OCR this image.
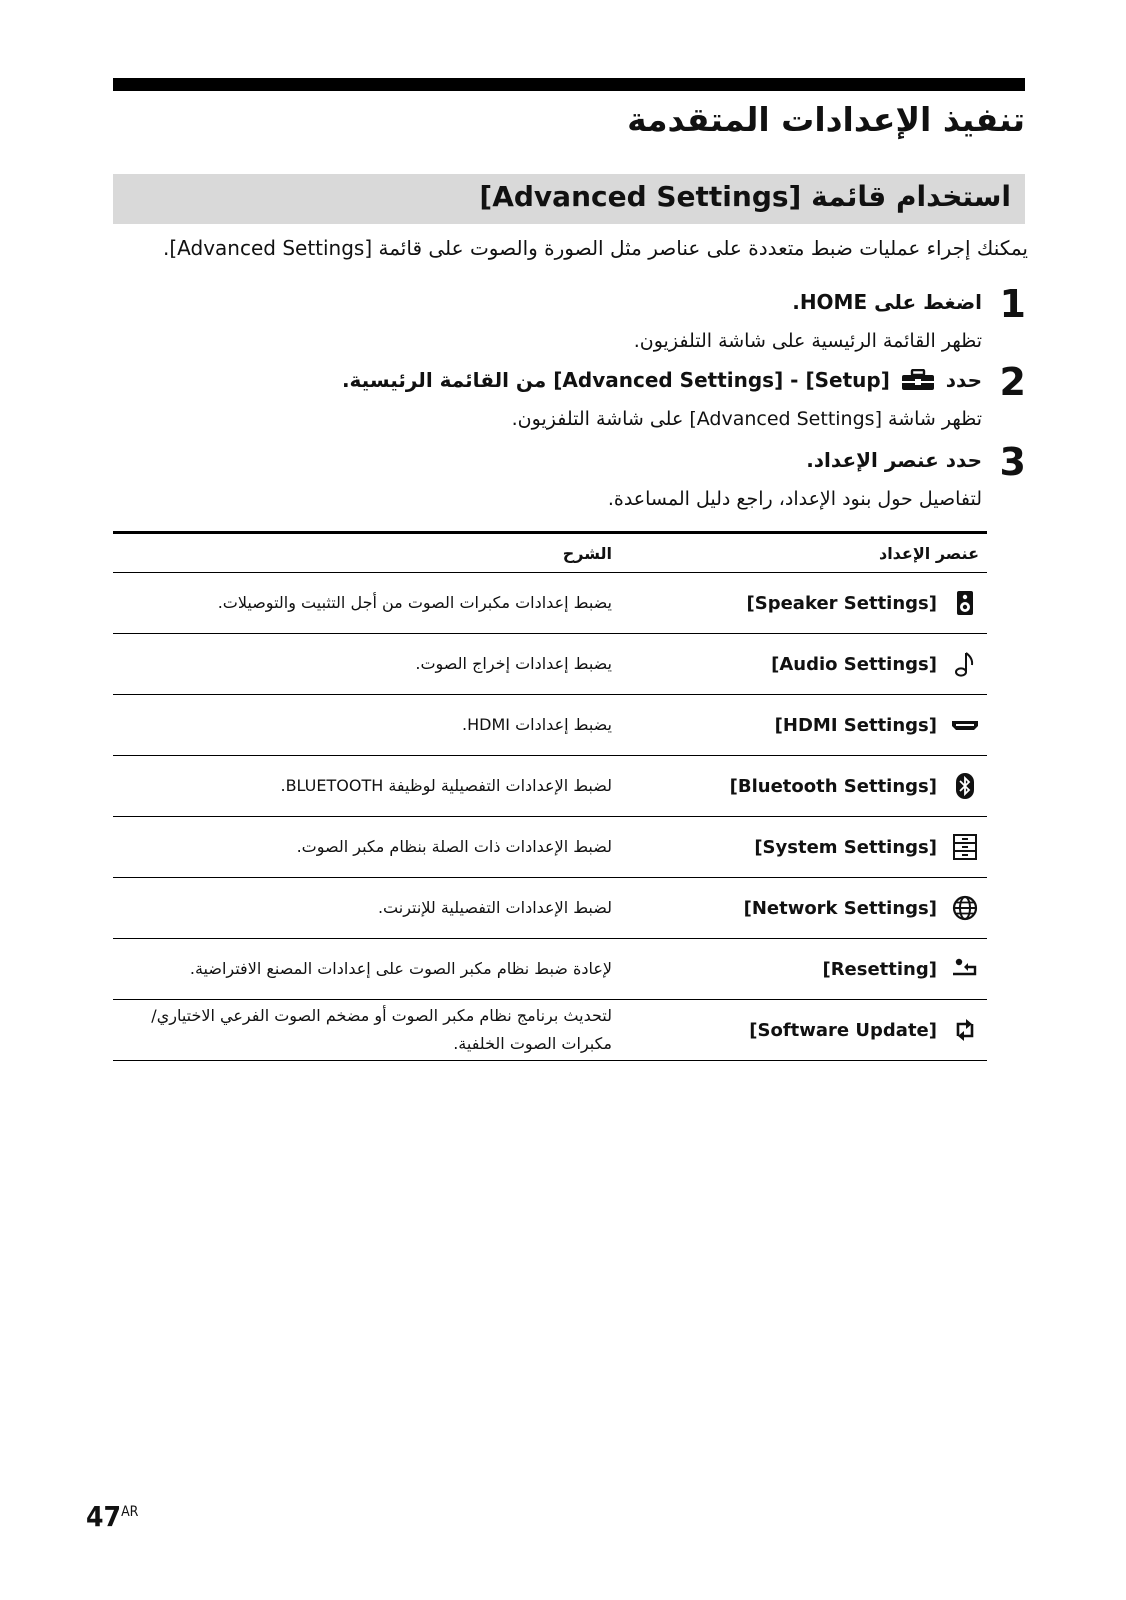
تنفيذ الإعدادات المتقدمة
استخدام قائمة [Advanced Settings]
يمكنك إجراء عمليات ضبط متعددة على عناصر مثل الصورة والصوت على قائمة [Advanced Settings].
1
اضغط على HOME.
تظهر القائمة الرئيسية على شاشة التلفزيون.
2
حدد  [Setup] - [Advanced Settings] من القائمة الرئيسية.
تظهر شاشة [Advanced Settings] على شاشة التلفزيون.
3
حدد عنصر الإعداد.
لتفاصيل حول بنود الإعداد، راجع دليل المساعدة.
عنصر الإعداد		الشرح

	[Speaker Settings]	يضبط إعدادات مكبرات الصوت من أجل التثبيت والتوصيلات.

	[Audio Settings]	يضبط إعدادات إخراج الصوت.

	[HDMI Settings]	يضبط إعدادات HDMI.

	[Bluetooth Settings]	لضبط الإعدادات التفصيلية لوظيفة BLUETOOTH.

	[System Settings]	لضبط الإعدادات ذات الصلة بنظام مكبر الصوت.

	[Network Settings]	لضبط الإعدادات التفصيلية للإنترنت.

	[Resetting]	لإعادة ضبط نظام مكبر الصوت على إعدادات المصنع الافتراضية.

	[Software Update]	لتحديث برنامج نظام مكبر الصوت أو مضخم الصوت الفرعي الاختياري/ مكبرات الصوت الخلفية.
$47^{AR}$
